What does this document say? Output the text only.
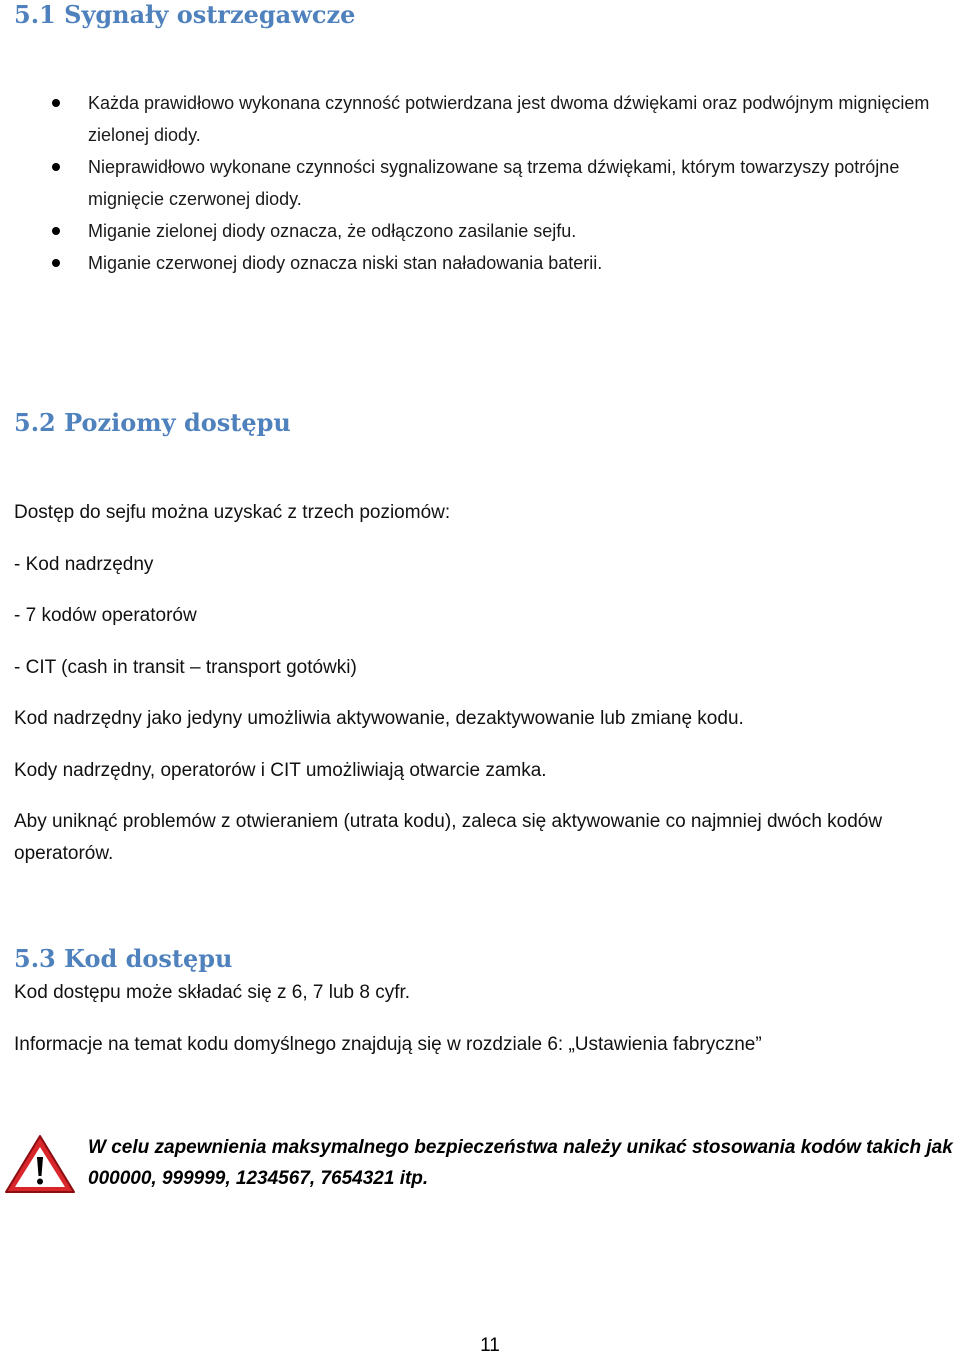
5.1 Sygnały ostrzegawcze
Każda prawidłowo wykonana czynność potwierdzana jest dwoma dźwiękami oraz podwójnym mignięciem zielonej diody.
Nieprawidłowo wykonane czynności sygnalizowane są trzema dźwiękami, którym towarzyszy potrójne mignięcie czerwonej diody.
Miganie zielonej diody oznacza, że odłączono zasilanie sejfu.
Miganie czerwonej diody oznacza niski stan naładowania baterii.
5.2 Poziomy dostępu

Dostęp do sejfu można uzyskać z trzech poziomów:

- Kod nadrzędny

- 7 kodów operatorów

- CIT (cash in transit – transport gotówki)

Kod nadrzędny jako jedyny umożliwia aktywowanie, dezaktywowanie lub zmianę kodu.

Kody nadrzędny, operatorów i CIT umożliwiają otwarcie zamka.

Aby uniknąć problemów z otwieraniem (utrata kodu), zaleca się aktywowanie co najmniej dwóch kodów operatorów.

5.3 Kod dostępu

Kod dostępu może składać się z 6, 7 lub 8 cyfr.

Informacje na temat kodu domyślnego znajdują się w rozdziale 6: „Ustawienia fabryczne”

W celu zapewnienia maksymalnego bezpieczeństwa należy unikać stosowania kodów takich jak 000000, 999999, 1234567, 7654321 itp.

11
